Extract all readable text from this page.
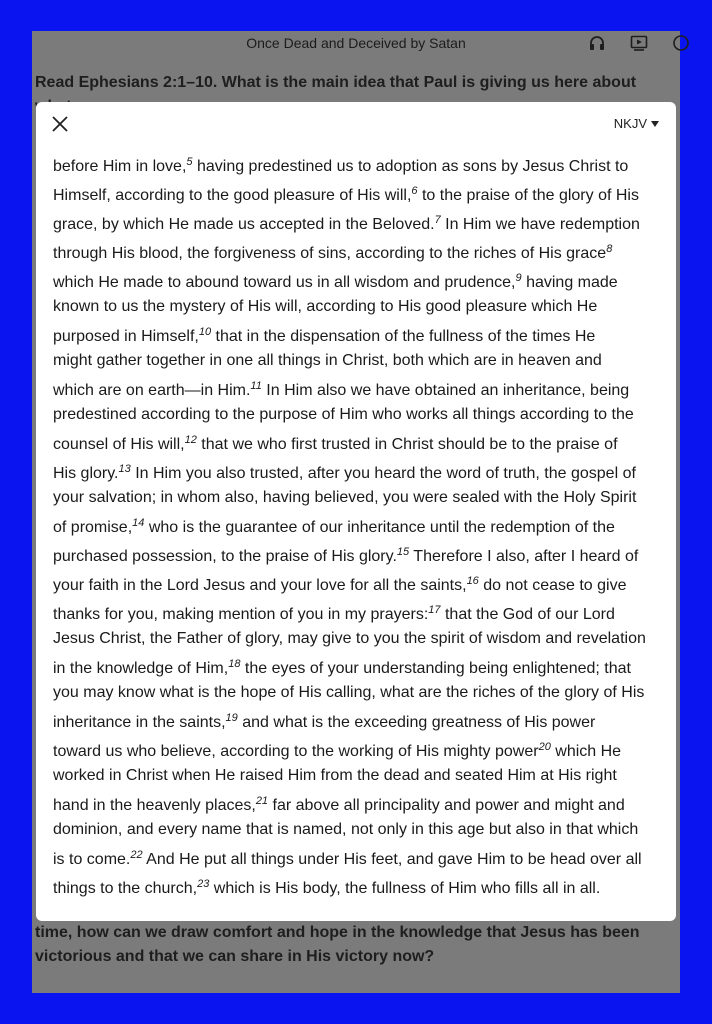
Once Dead and Deceived by Satan
Read Ephesians 2:1–10. What is the main idea that Paul is giving us here about
time, how can we draw comfort and hope in the knowledge that Jesus has been victorious and that we can share in His victory now?
NKJV
before Him in love,$^5$ having predestined us to adoption as sons by Jesus Christ to
Himself, according to the good pleasure of His will,$^6$ to the praise of the glory of His
grace, by which He made us accepted in the Beloved.$^7$ In Him we have redemption
through His blood, the forgiveness of sins, according to the riches of His grace$^8$
which He made to abound toward us in all wisdom and prudence,$^9$ having made
known to us the mystery of His will, according to His good pleasure which He
purposed in Himself,$^{10}$ that in the dispensation of the fullness of the times He
might gather together in one all things in Christ, both which are in heaven and
which are on earth—in Him.$^{11}$ In Him also we have obtained an inheritance, being
predestined according to the purpose of Him who works all things according to the
counsel of His will,$^{12}$ that we who first trusted in Christ should be to the praise of
His glory.$^{13}$ In Him you also trusted, after you heard the word of truth, the gospel of
your salvation; in whom also, having believed, you were sealed with the Holy Spirit
of promise,$^{14}$ who is the guarantee of our inheritance until the redemption of the
purchased possession, to the praise of His glory.$^{15}$ Therefore I also, after I heard of
your faith in the Lord Jesus and your love for all the saints,$^{16}$ do not cease to give
thanks for you, making mention of you in my prayers:$^{17}$ that the God of our Lord
Jesus Christ, the Father of glory, may give to you the spirit of wisdom and revelation
in the knowledge of Him,$^{18}$ the eyes of your understanding being enlightened; that
you may know what is the hope of His calling, what are the riches of the glory of His
inheritance in the saints,$^{19}$ and what is the exceeding greatness of His power
toward us who believe, according to the working of His mighty power$^{20}$ which He
worked in Christ when He raised Him from the dead and seated Him at His right
hand in the heavenly places,$^{21}$ far above all principality and power and might and
dominion, and every name that is named, not only in this age but also in that which
is to come.$^{22}$ And He put all things under His feet, and gave Him to be head over all
things to the church,$^{23}$ which is His body, the fullness of Him who fills all in all.
